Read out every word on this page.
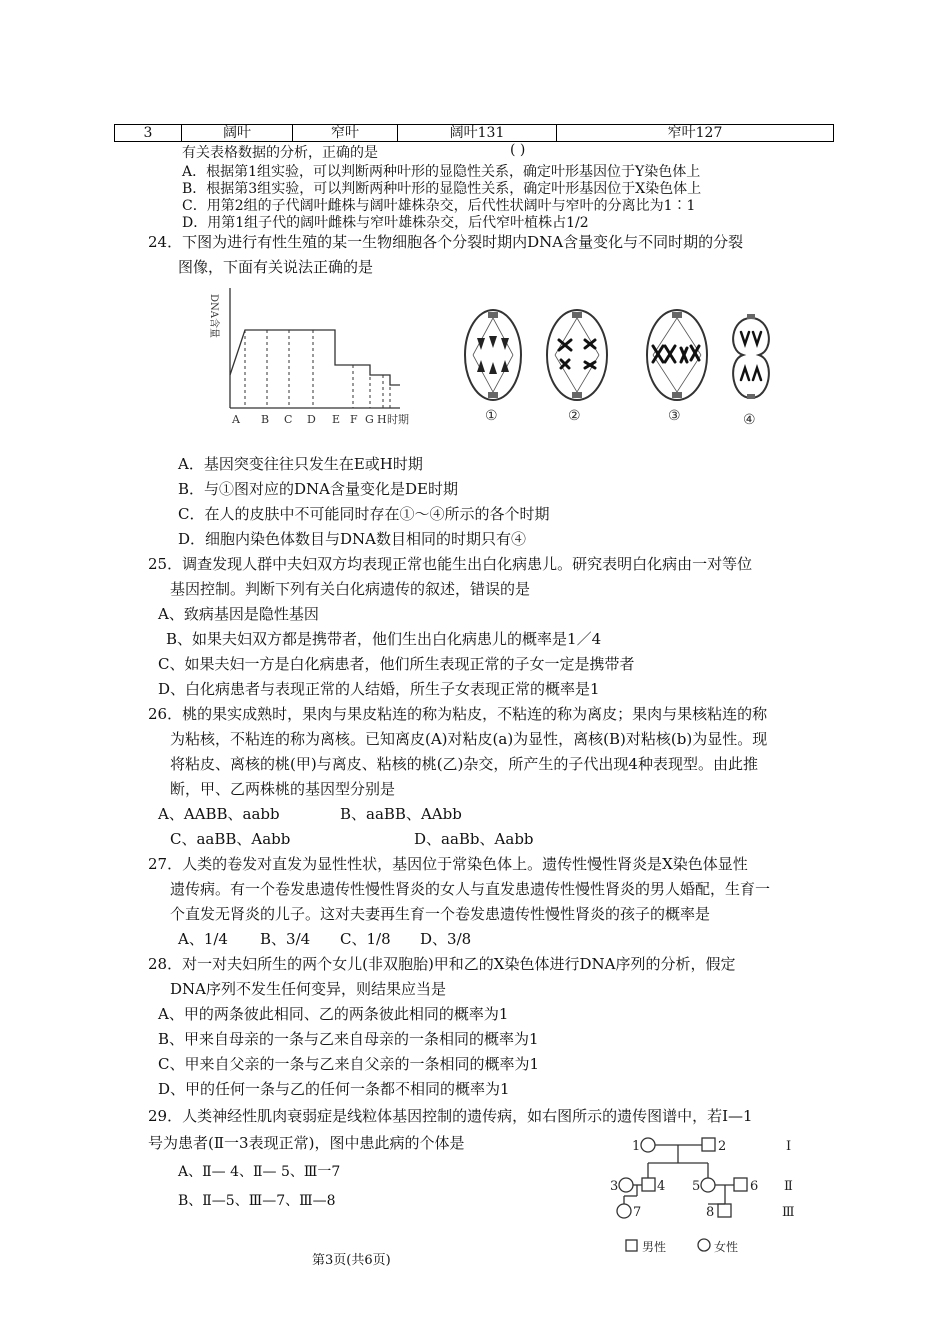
3	阔叶	窄叶	阔叶131	窄叶127
有关表格数据的分析，正确的是	( )
A．根据第1组实验，可以判断两种叶形的显隐性关系，确定叶形基因位于Y染色体上
B．根据第3组实验，可以判断两种叶形的显隐性关系，确定叶形基因位于X染色体上
C．用第2组的子代阔叶雌株与阔叶雄株杂交，后代性状阔叶与窄叶的分离比为1∶1
D．用第1组子代的阔叶雌株与窄叶雄株杂交，后代窄叶植株占1/2
24．下图为进行有性生殖的某一生物细胞各个分裂时期内DNA含量变化与不同时期的分裂
图像，下面有关说法正确的是
DNA含量
A B C D E F G H 时期	①	②	③	④
A．基因突变往往只发生在E或H时期
B．与①图对应的DNA含量变化是DE时期
C．在人的皮肤中不可能同时存在①～④所示的各个时期
D．细胞内染色体数目与DNA数目相同的时期只有④
25．调查发现人群中夫妇双方均表现正常也能生出白化病患儿。研究表明白化病由一对等位
基因控制。判断下列有关白化病遗传的叙述，错误的是
A、致病基因是隐性基因
B、如果夫妇双方都是携带者，他们生出白化病患儿的概率是1／4
C、如果夫妇一方是白化病患者，他们所生表现正常的子女一定是携带者
D、白化病患者与表现正常的人结婚，所生子女表现正常的概率是1
26．桃的果实成熟时，果肉与果皮粘连的称为粘皮，不粘连的称为离皮；果肉与果核粘连的称
为粘核，不粘连的称为离核。已知离皮(A)对粘皮(a)为显性，离核(B)对粘核(b)为显性。现
将粘皮、离核的桃(甲)与离皮、粘核的桃(乙)杂交，所产生的子代出现4种表现型。由此推
断，甲、乙两株桃的基因型分别是
A、AABB、aabb	B、aaBB、AAbb
C、aaBB、Aabb	D、aaBb、Aabb
27．人类的卷发对直发为显性性状，基因位于常染色体上。遗传性慢性肾炎是X染色体显性
遗传病。有一个卷发患遗传性慢性肾炎的女人与直发患遗传性慢性肾炎的男人婚配，生育一
个直发无肾炎的儿子。这对夫妻再生育一个卷发患遗传性慢性肾炎的孩子的概率是
A、1/4 B、3/4 C、1/8 D、3/8
28．对一对夫妇所生的两个女儿(非双胞胎)甲和乙的X染色体进行DNA序列的分析，假定
DNA序列不发生任何变异，则结果应当是
A、甲的两条彼此相同、乙的两条彼此相同的概率为1
B、甲来自母亲的一条与乙来自母亲的一条相同的概率为1
C、甲来自父亲的一条与乙来自父亲的一条相同的概率为1
D、甲的任何一条与乙的任何一条都不相同的概率为1
29．人类神经性肌肉衰弱症是线粒体基因控制的遗传病，如右图所示的遗传图谱中，若Ⅰ—1
号为患者(Ⅱ一3表现正常)，图中患此病的个体是
A、Ⅱ— 4、Ⅱ— 5、Ⅲ一7
B、Ⅱ—5、Ⅲ—7、Ⅲ—8
1	2
3	4 5	6
7	8
Ⅰ
Ⅱ
Ⅲ
男性	女性
第3页(共6页)
